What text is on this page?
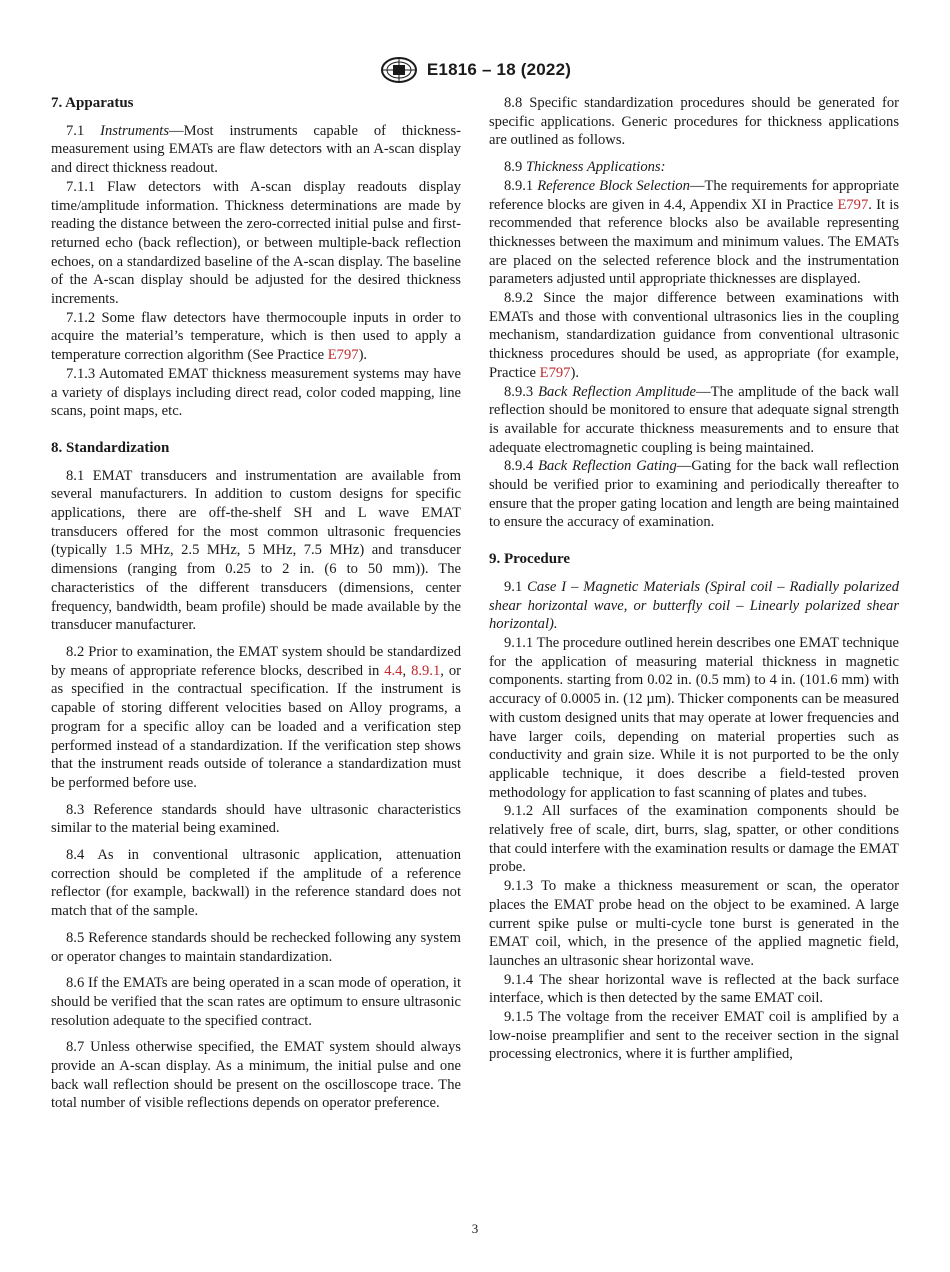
E1816 – 18 (2022)
7. Apparatus

7.1 Instruments—Most instruments capable of thickness-measurement using EMATs are flaw detectors with an A-scan display and direct thickness readout.

7.1.1 Flaw detectors with A-scan display readouts display time/amplitude information. Thickness determinations are made by reading the distance between the zero-corrected initial pulse and first-returned echo (back reflection), or between multiple-back reflection echoes, on a standardized baseline of the A-scan display. The baseline of the A-scan display should be adjusted for the desired thickness increments.

7.1.2 Some flaw detectors have thermocouple inputs in order to acquire the material’s temperature, which is then used to apply a temperature correction algorithm (See Practice E797).

7.1.3 Automated EMAT thickness measurement systems may have a variety of displays including direct read, color coded mapping, line scans, point maps, etc.

8. Standardization

8.1 EMAT transducers and instrumentation are available from several manufacturers. In addition to custom designs for specific applications, there are off-the-shelf SH and L wave EMAT transducers offered for the most common ultrasonic frequencies (typically 1.5 MHz, 2.5 MHz, 5 MHz, 7.5 MHz) and transducer dimensions (ranging from 0.25 to 2 in. (6 to 50 mm)). The characteristics of the different transducers (dimensions, center frequency, bandwidth, beam profile) should be made available by the transducer manufacturer.

8.2 Prior to examination, the EMAT system should be standardized by means of appropriate reference blocks, described in 4.4, 8.9.1, or as specified in the contractual specification. If the instrument is capable of storing different velocities based on Alloy programs, a program for a specific alloy can be loaded and a verification step performed instead of a standardization. If the verification step shows that the instrument reads outside of tolerance a standardization must be performed before use.

8.3 Reference standards should have ultrasonic characteristics similar to the material being examined.

8.4 As in conventional ultrasonic application, attenuation correction should be completed if the amplitude of a reference reflector (for example, backwall) in the reference standard does not match that of the sample.

8.5 Reference standards should be rechecked following any system or operator changes to maintain standardization.

8.6 If the EMATs are being operated in a scan mode of operation, it should be verified that the scan rates are optimum to ensure ultrasonic resolution adequate to the specified contract.

8.7 Unless otherwise specified, the EMAT system should always provide an A-scan display. As a minimum, the initial pulse and one back wall reflection should be present on the oscilloscope trace. The total number of visible reflections depends on operator preference.

8.8 Specific standardization procedures should be generated for specific applications. Generic procedures for thickness applications are outlined as follows.

8.9 Thickness Applications:

8.9.1 Reference Block Selection—The requirements for appropriate reference blocks are given in 4.4, Appendix XI in Practice E797. It is recommended that reference blocks also be available representing thicknesses between the maximum and minimum values. The EMATs are placed on the selected reference block and the instrumentation parameters adjusted until appropriate thicknesses are displayed.

8.9.2 Since the major difference between examinations with EMATs and those with conventional ultrasonics lies in the coupling mechanism, standardization guidance from conventional ultrasonic thickness procedures should be used, as appropriate (for example, Practice E797).

8.9.3 Back Reflection Amplitude—The amplitude of the back wall reflection should be monitored to ensure that adequate signal strength is available for accurate thickness measurements and to ensure that adequate electromagnetic coupling is being maintained.

8.9.4 Back Reflection Gating—Gating for the back wall reflection should be verified prior to examining and periodically thereafter to ensure that the proper gating location and length are being maintained to ensure the accuracy of examination.

9. Procedure

9.1 Case I – Magnetic Materials (Spiral coil – Radially polarized shear horizontal wave, or butterfly coil – Linearly polarized shear horizontal).

9.1.1 The procedure outlined herein describes one EMAT technique for the application of measuring material thickness in magnetic components. starting from 0.02 in. (0.5 mm) to 4 in. (101.6 mm) with accuracy of 0.0005 in. (12 µm). Thicker components can be measured with custom designed units that may operate at lower frequencies and have larger coils, depending on material properties such as conductivity and grain size. While it is not purported to be the only applicable technique, it does describe a field-tested proven methodology for application to fast scanning of plates and tubes.

9.1.2 All surfaces of the examination components should be relatively free of scale, dirt, burrs, slag, spatter, or other conditions that could interfere with the examination results or damage the EMAT probe.

9.1.3 To make a thickness measurement or scan, the operator places the EMAT probe head on the object to be examined. A large current spike pulse or multi-cycle tone burst is generated in the EMAT coil, which, in the presence of the applied magnetic field, launches an ultrasonic shear horizontal wave.

9.1.4 The shear horizontal wave is reflected at the back surface interface, which is then detected by the same EMAT coil.

9.1.5 The voltage from the receiver EMAT coil is amplified by a low-noise preamplifier and sent to the receiver section in the signal processing electronics, where it is further amplified,

3
